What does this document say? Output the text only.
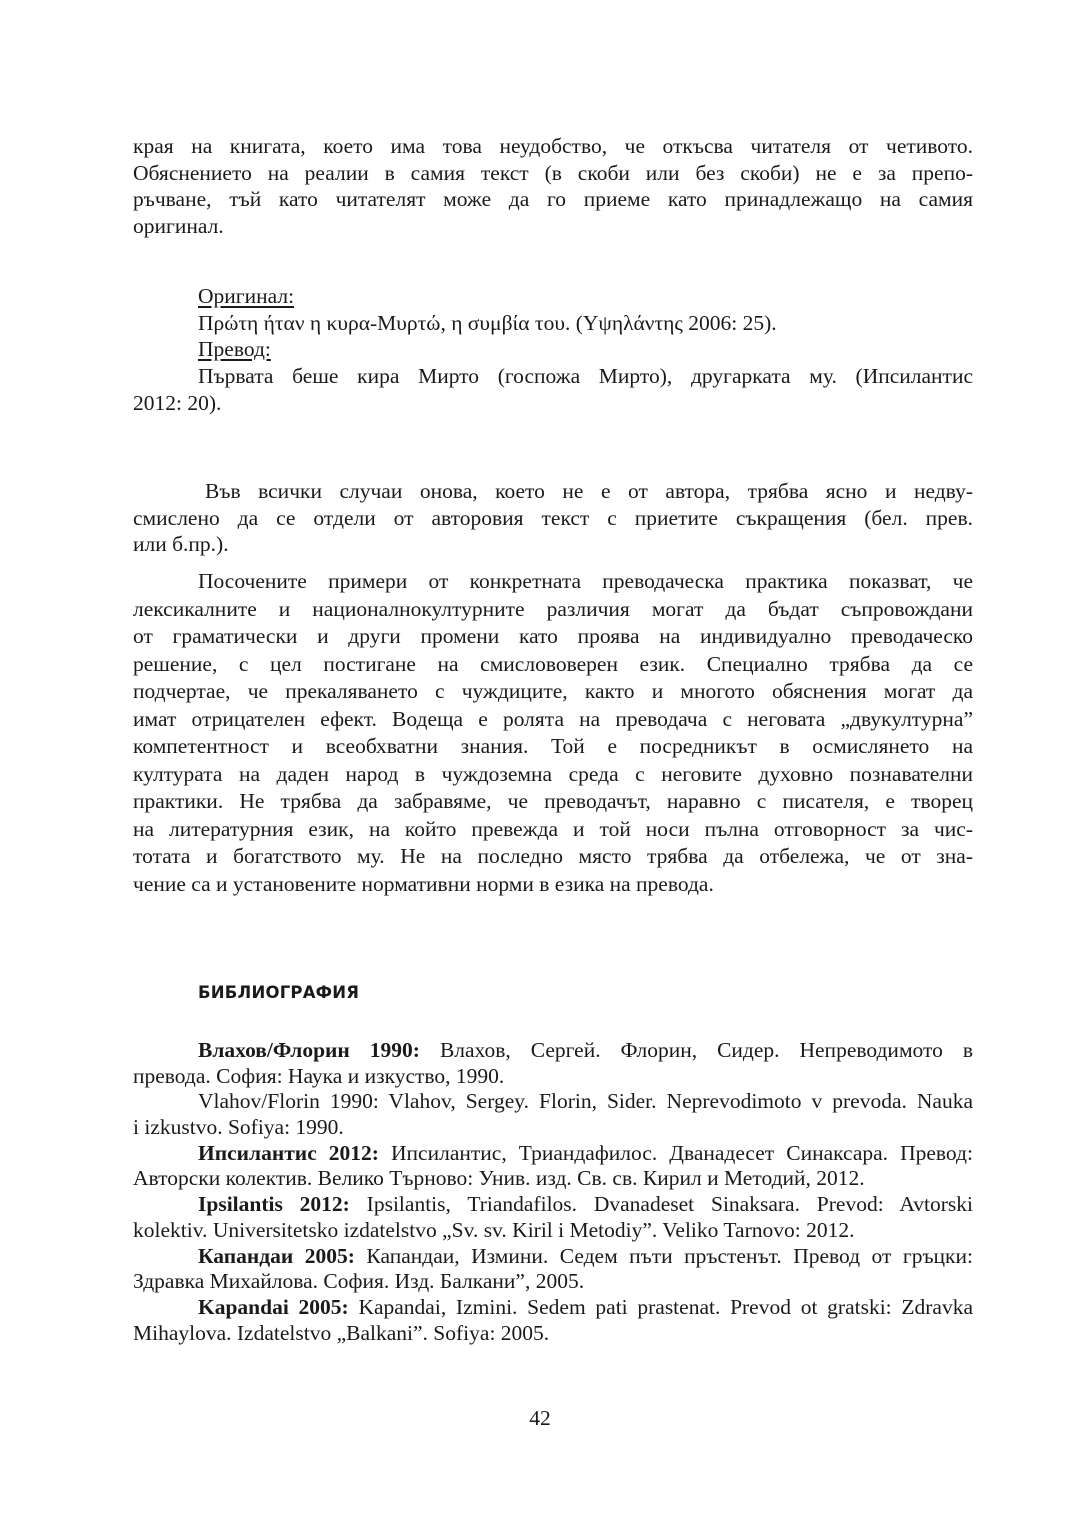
края на книгата, което има това неудобство, че откъсва читателя от четивото.
Обяснението на реалии в самия текст (в скоби или без скоби) не е за препо-
ръчване, тъй като читателят може да го приеме като принадлежащо на самия
оригинал.
Оригинал:
Πρώτη ήταν η κυρα-Μυρτώ, η συμβία του. (Υψηλάντης 2006: 25).
Превод:
Първата беше кира Мирто (госпожа Мирто), другарката му. (Ипсилантис
2012: 20).
Във всички случаи онова, което не е от автора, трябва ясно и недву-
смислено да се отдели от авторовия текст с приетите съкращения (бел. прев.
или б.пр.).
Посочените примери от конкретната преводаческа практика показват, че
лексикалните и националнокултурните различия могат да бъдат съпровождани
от граматически и други промени като проява на индивидуално преводаческо
решение, с цел постигане на смислововерен език. Специално трябва да се
подчертае, че прекаляването с чуждиците, както и многото обяснения могат да
имат отрицателен ефект. Водеща е ролята на преводача с неговата „двукултурна”
компетентност и всеобхватни знания. Той е посредникът в осмислянето на
културата на даден народ в чуждоземна среда с неговите духовно познавателни
практики. Не трябва да забравяме, че преводачът, наравно с писателя, е творец
на литературния език, на който превежда и той носи пълна отговорност за чис-
тотата и богатството му. Не на последно място трябва да отбележа, че от зна-
чение са и установените нормативни норми в езика на превода.
БИБЛИОГРАФИЯ
Влахов/Флорин 1990: Влахов, Сергей. Флорин, Сидер. Непреводимото в
превода. София: Наука и изкуство, 1990.
Vlahov/Florin 1990: Vlahov, Sergey. Florin, Sider. Neprevodimoto v prevoda. Nauka
i izkustvo. Sofiya: 1990.
Ипсилантис 2012: Ипсилантис, Триандафилос. Дванадесет Синаксара. Превод:
Авторски колектив. Велико Търново: Унив. изд. Св. св. Кирил и Методий, 2012.
Ipsilantis 2012: Ipsilantis, Triandafilos. Dvanadeset Sinaksara. Prevod: Avtorski
kolektiv. Universitetsko izdatelstvo „Sv. sv. Kiril i Metodiy”. Veliko Tarnovo: 2012.
Капандаи 2005: Капандаи, Измини. Седем пъти пръстенът. Превод от гръцки:
Здравка Михайлова. София. Изд. Балкани”, 2005.
Kapandai 2005: Kapandai, Izmini. Sedem pati prastenat. Prevod ot gratski: Zdravka
Mihaylova. Izdatelstvo „Balkani”. Sofiya: 2005.
42
